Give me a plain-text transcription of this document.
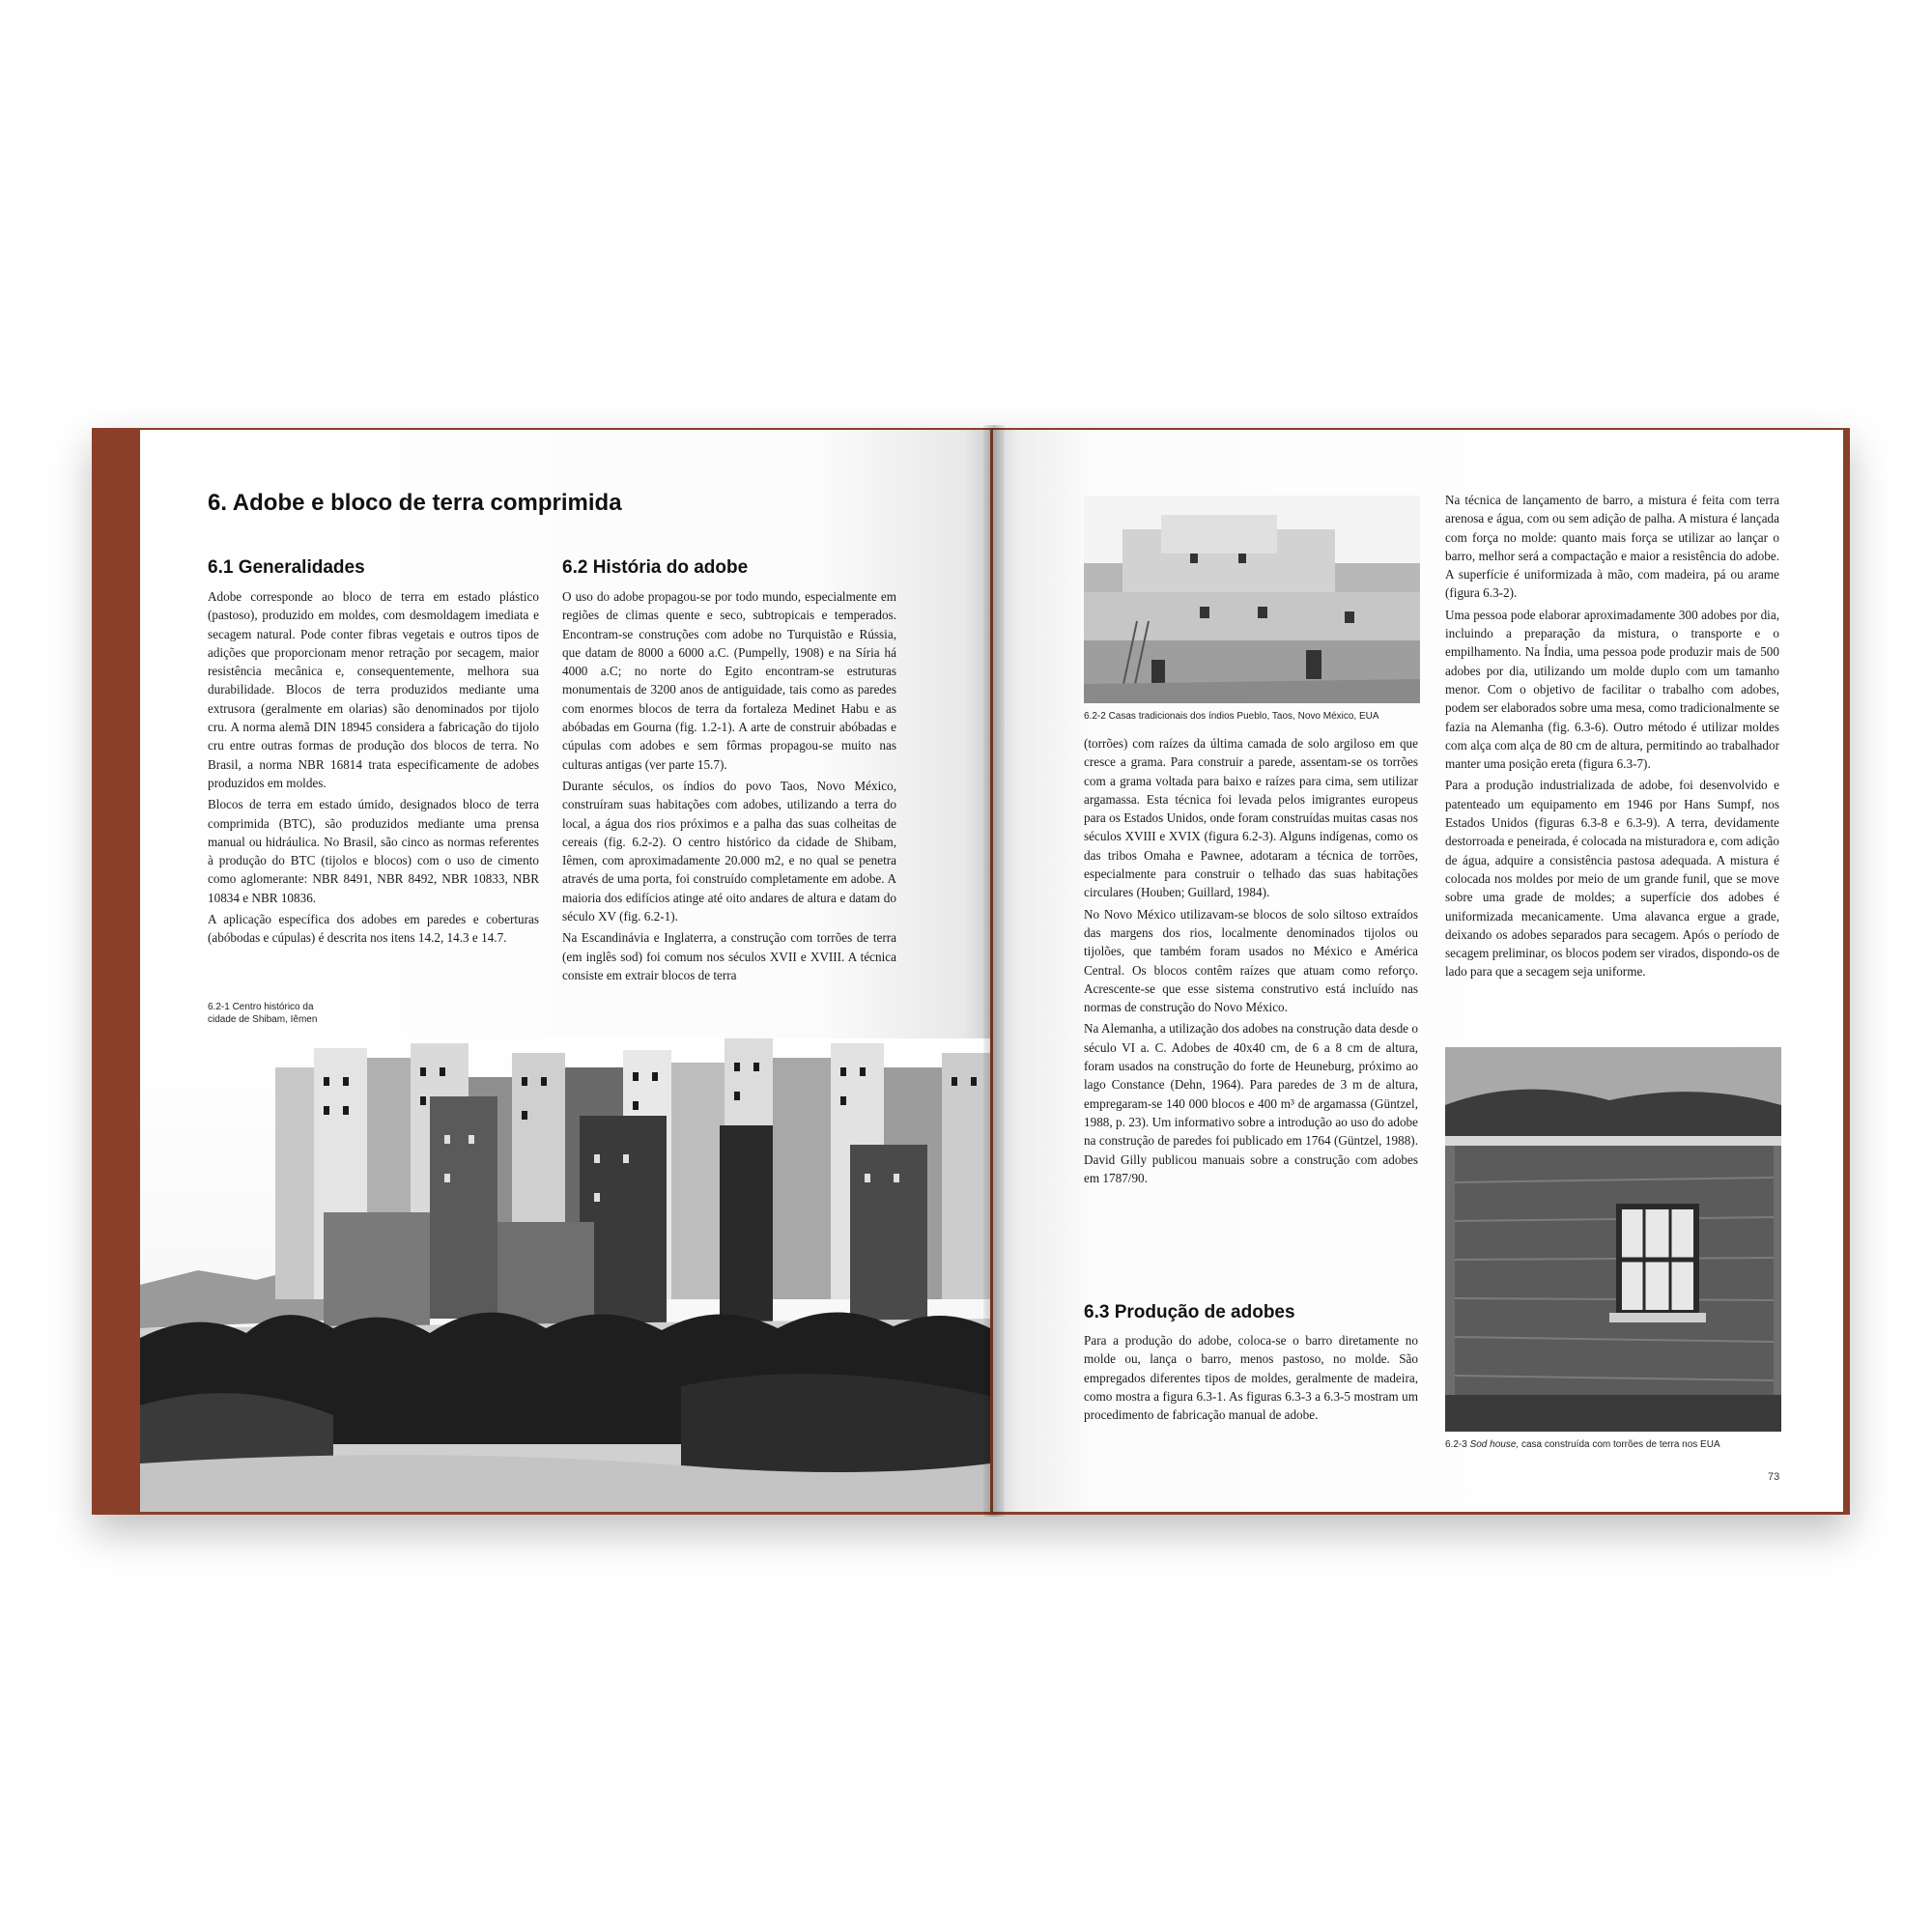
6. Adobe e bloco de terra comprimida
6.1 Generalidades

Adobe corresponde ao bloco de terra em estado plástico (pastoso), produzido em moldes, com desmoldagem imediata e secagem natural. Pode conter fibras vegetais e outros tipos de adições que proporcionam menor retração por secagem, maior resistência mecânica e, consequentemente, melhora sua durabilidade. Blocos de terra produzidos mediante uma extrusora (geralmente em olarias) são denominados por tijolo cru. A norma alemã DIN 18945 considera a fabricação do tijolo cru entre outras formas de produção dos blocos de terra. No Brasil, a norma NBR 16814 trata especificamente de adobes produzidos em moldes.

Blocos de terra em estado úmido, designados bloco de terra comprimida (BTC), são produzidos mediante uma prensa manual ou hidráulica. No Brasil, são cinco as normas referentes à produção do BTC (tijolos e blocos) com o uso de cimento como aglomerante: NBR 8491, NBR 8492, NBR 10833, NBR 10834 e NBR 10836.

A aplicação específica dos adobes em paredes e coberturas (abóbodas e cúpulas) é descrita nos itens 14.2, 14.3 e 14.7.

6.2-1 Centro histórico da
cidade de Shibam, Iêmen
6.2 História do adobe

O uso do adobe propagou-se por todo mundo, especialmente em regiões de climas quente e seco, subtropicais e temperados. Encontram-se construções com adobe no Turquistão e Rússia, que datam de 8000 a 6000 a.C. (Pumpelly, 1908) e na Síria há 4000 a.C; no norte do Egito encontram-se estruturas monumentais de 3200 anos de antiguidade, tais como as paredes com enormes blocos de terra da fortaleza Medinet Habu e as abóbadas em Gourna (fig. 1.2-1). A arte de construir abóbadas e cúpulas com adobes e sem fôrmas propagou-se muito nas culturas antigas (ver parte 15.7).

Durante séculos, os índios do povo Taos, Novo México, construíram suas habitações com adobes, utilizando a terra do local, a água dos rios próximos e a palha das suas colheitas de cereais (fig. 6.2-2). O centro histórico da cidade de Shibam, Iêmen, com aproximadamente 20.000 m2, e no qual se penetra através de uma porta, foi construído completamente em adobe. A maioria dos edifícios atinge até oito andares de altura e datam do século XV (fig. 6.2-1).

Na Escandinávia e Inglaterra, a construção com torrões de terra (em inglês sod) foi comum nos séculos XVII e XVIII. A técnica consiste em extrair blocos de terra

6.2-2 Casas tradicionais dos índios Pueblo, Taos, Novo México, EUA

(torrões) com raízes da última camada de solo argiloso em que cresce a grama. Para construir a parede, assentam-se os torrões com a grama voltada para baixo e raízes para cima, sem utilizar argamassa. Esta técnica foi levada pelos imigrantes europeus para os Estados Unidos, onde foram construídas muitas casas nos séculos XVIII e XVIX (figura 6.2-3). Alguns indígenas, como os das tribos Omaha e Pawnee, adotaram a técnica de torrões, especialmente para construir o telhado das suas habitações circulares (Houben; Guillard, 1984).

No Novo México utilizavam-se blocos de solo siltoso extraídos das margens dos rios, localmente denominados tijolos ou tijolões, que também foram usados no México e América Central. Os blocos contêm raízes que atuam como reforço. Acrescente-se que esse sistema construtivo está incluído nas normas de construção do Novo México.

Na Alemanha, a utilização dos adobes na construção data desde o século VI a. C. Adobes de 40x40 cm, de 6 a 8 cm de altura, foram usados na construção do forte de Heuneburg, próximo ao lago Constance (Dehn, 1964). Para paredes de 3 m de altura, empregaram-se 140 000 blocos e 400 m³ de argamassa (Güntzel, 1988, p. 23). Um informativo sobre a introdução ao uso do adobe na construção de paredes foi publicado em 1764 (Güntzel, 1988). David Gilly publicou manuais sobre a construção com adobes em 1787/90.

6.3 Produção de adobes

Para a produção do adobe, coloca-se o barro diretamente no molde ou, lança o barro, menos pastoso, no molde. São empregados diferentes tipos de moldes, geralmente de madeira, como mostra a figura 6.3-1. As figuras 6.3-3 a 6.3-5 mostram um procedimento de fabricação manual de adobe.

Na técnica de lançamento de barro, a mistura é feita com terra arenosa e água, com ou sem adição de palha. A mistura é lançada com força no molde: quanto mais força se utilizar ao lançar o barro, melhor será a compactação e maior a resistência do adobe. A superfície é uniformizada à mão, com madeira, pá ou arame (figura 6.3-2).

Uma pessoa pode elaborar aproximadamente 300 adobes por dia, incluindo a preparação da mistura, o transporte e o empilhamento. Na Índia, uma pessoa pode produzir mais de 500 adobes por dia, utilizando um molde duplo com um tamanho menor. Com o objetivo de facilitar o trabalho com adobes, podem ser elaborados sobre uma mesa, como tradicionalmente se fazia na Alemanha (fig. 6.3-6). Outro método é utilizar moldes com alça com alça de 80 cm de altura, permitindo ao trabalhador manter uma posição ereta (figura 6.3-7).

Para a produção industrializada de adobe, foi desenvolvido e patenteado um equipamento em 1946 por Hans Sumpf, nos Estados Unidos (figuras 6.3-8 e 6.3-9). A terra, devidamente destorroada e peneirada, é colocada na misturadora e, com adição de água, adquire a consistência pastosa adequada. A mistura é colocada nos moldes por meio de um grande funil, que se move sobre uma grade de moldes; a superfície dos adobes é uniformizada mecanicamente. Uma alavanca ergue a grade, deixando os adobes separados para secagem. Após o período de secagem preliminar, os blocos podem ser virados, dispondo-os de lado para que a secagem seja uniforme.

6.2-3 Sod house, casa construída com torrões de terra nos EUA
73
